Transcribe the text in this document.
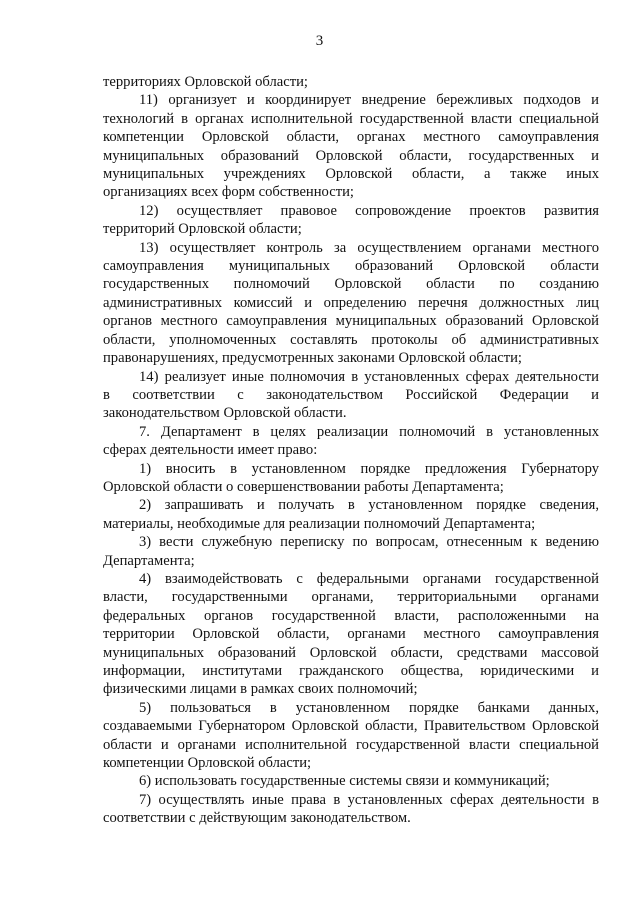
3
территориях Орловской области;
11) организует и координирует внедрение бережливых подходов и
технологий в органах исполнительной государственной власти специальной
компетенции Орловской области, органах местного самоуправления
муниципальных образований Орловской области, государственных и
муниципальных учреждениях Орловской области, а также иных
организациях всех форм собственности;
12) осуществляет правовое сопровождение проектов развития
территорий Орловской области;
13) осуществляет контроль за осуществлением органами местного
самоуправления муниципальных образований Орловской области
государственных полномочий Орловской области по созданию
административных комиссий и определению перечня должностных лиц
органов местного самоуправления муниципальных образований Орловской
области, уполномоченных составлять протоколы об административных
правонарушениях, предусмотренных законами Орловской области;
14) реализует иные полномочия в установленных сферах деятельности
в соответствии с законодательством Российской Федерации и
законодательством Орловской области.
7. Департамент в целях реализации полномочий в установленных
сферах деятельности имеет право:
1) вносить в установленном порядке предложения Губернатору
Орловской области о совершенствовании работы Департамента;
2) запрашивать и получать в установленном порядке сведения,
материалы, необходимые для реализации полномочий Департамента;
3) вести служебную переписку по вопросам, отнесенным к ведению
Департамента;
4) взаимодействовать с федеральными органами государственной
власти, государственными органами, территориальными органами
федеральных органов государственной власти, расположенными на
территории Орловской области, органами местного самоуправления
муниципальных образований Орловской области, средствами массовой
информации, институтами гражданского общества, юридическими и
физическими лицами в рамках своих полномочий;
5) пользоваться в установленном порядке банками данных,
создаваемыми Губернатором Орловской области, Правительством Орловской
области и органами исполнительной государственной власти специальной
компетенции Орловской области;
6) использовать государственные системы связи и коммуникаций;
7) осуществлять иные права в установленных сферах деятельности в
соответствии с действующим законодательством.
